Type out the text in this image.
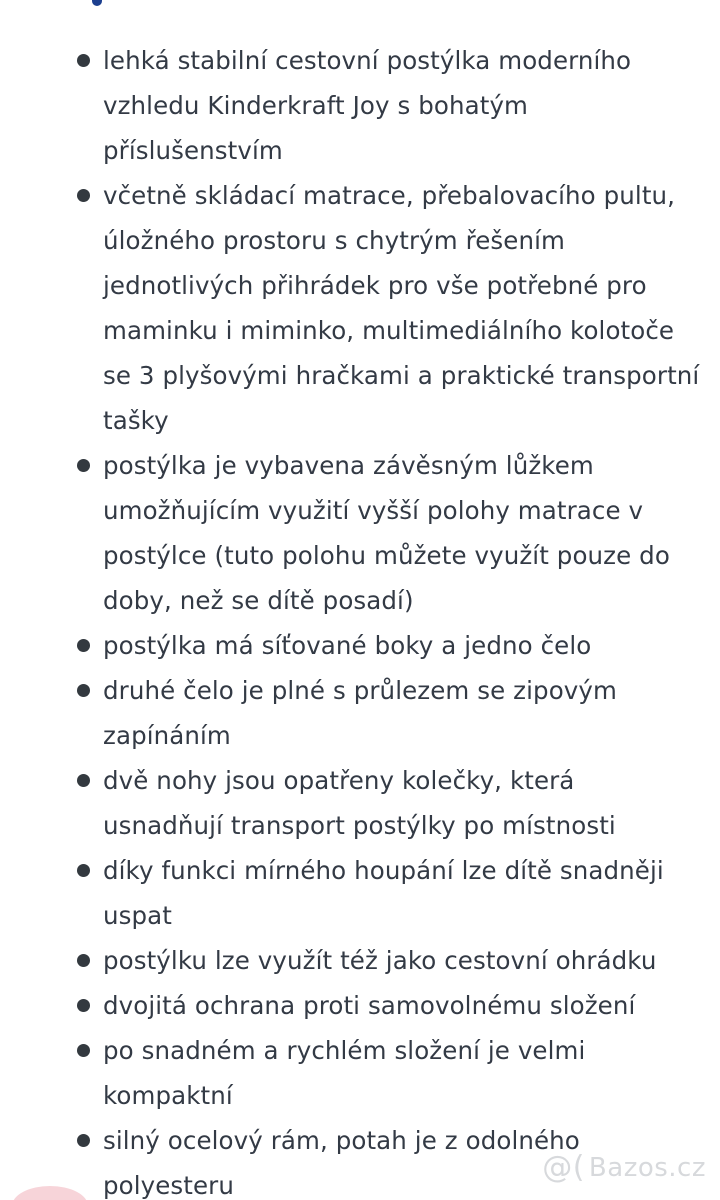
lehká stabilní cestovní postýlka moderního vzhledu Kinderkraft Joy s bohatým příslušenstvím
včetně skládací matrace, přebalovacího pultu, úložného prostoru s chytrým řešením jednotlivých přihrádek pro vše potřebné pro maminku i miminko, multimediálního kolotoče se 3 plyšovými hračkami a praktické transportní tašky
postýlka je vybavena závěsným lůžkem umožňujícím využití vyšší polohy matrace v postýlce (tuto polohu můžete využít pouze do doby, než se dítě posadí)
postýlka má síťované boky a jedno čelo
druhé čelo je plné s průlezem se zipovým zapínáním
dvě nohy jsou opatřeny kolečky, která usnadňují transport postýlky po místnosti
díky funkci mírného houpání lze dítě snadněji uspat
postýlku lze využít též jako cestovní ohrádku
dvojitá ochrana proti samovolnému složení
po snadném a rychlém složení je velmi kompaktní
silný ocelový rám, potah je z odolného polyesteru
@( Bazos.cz
